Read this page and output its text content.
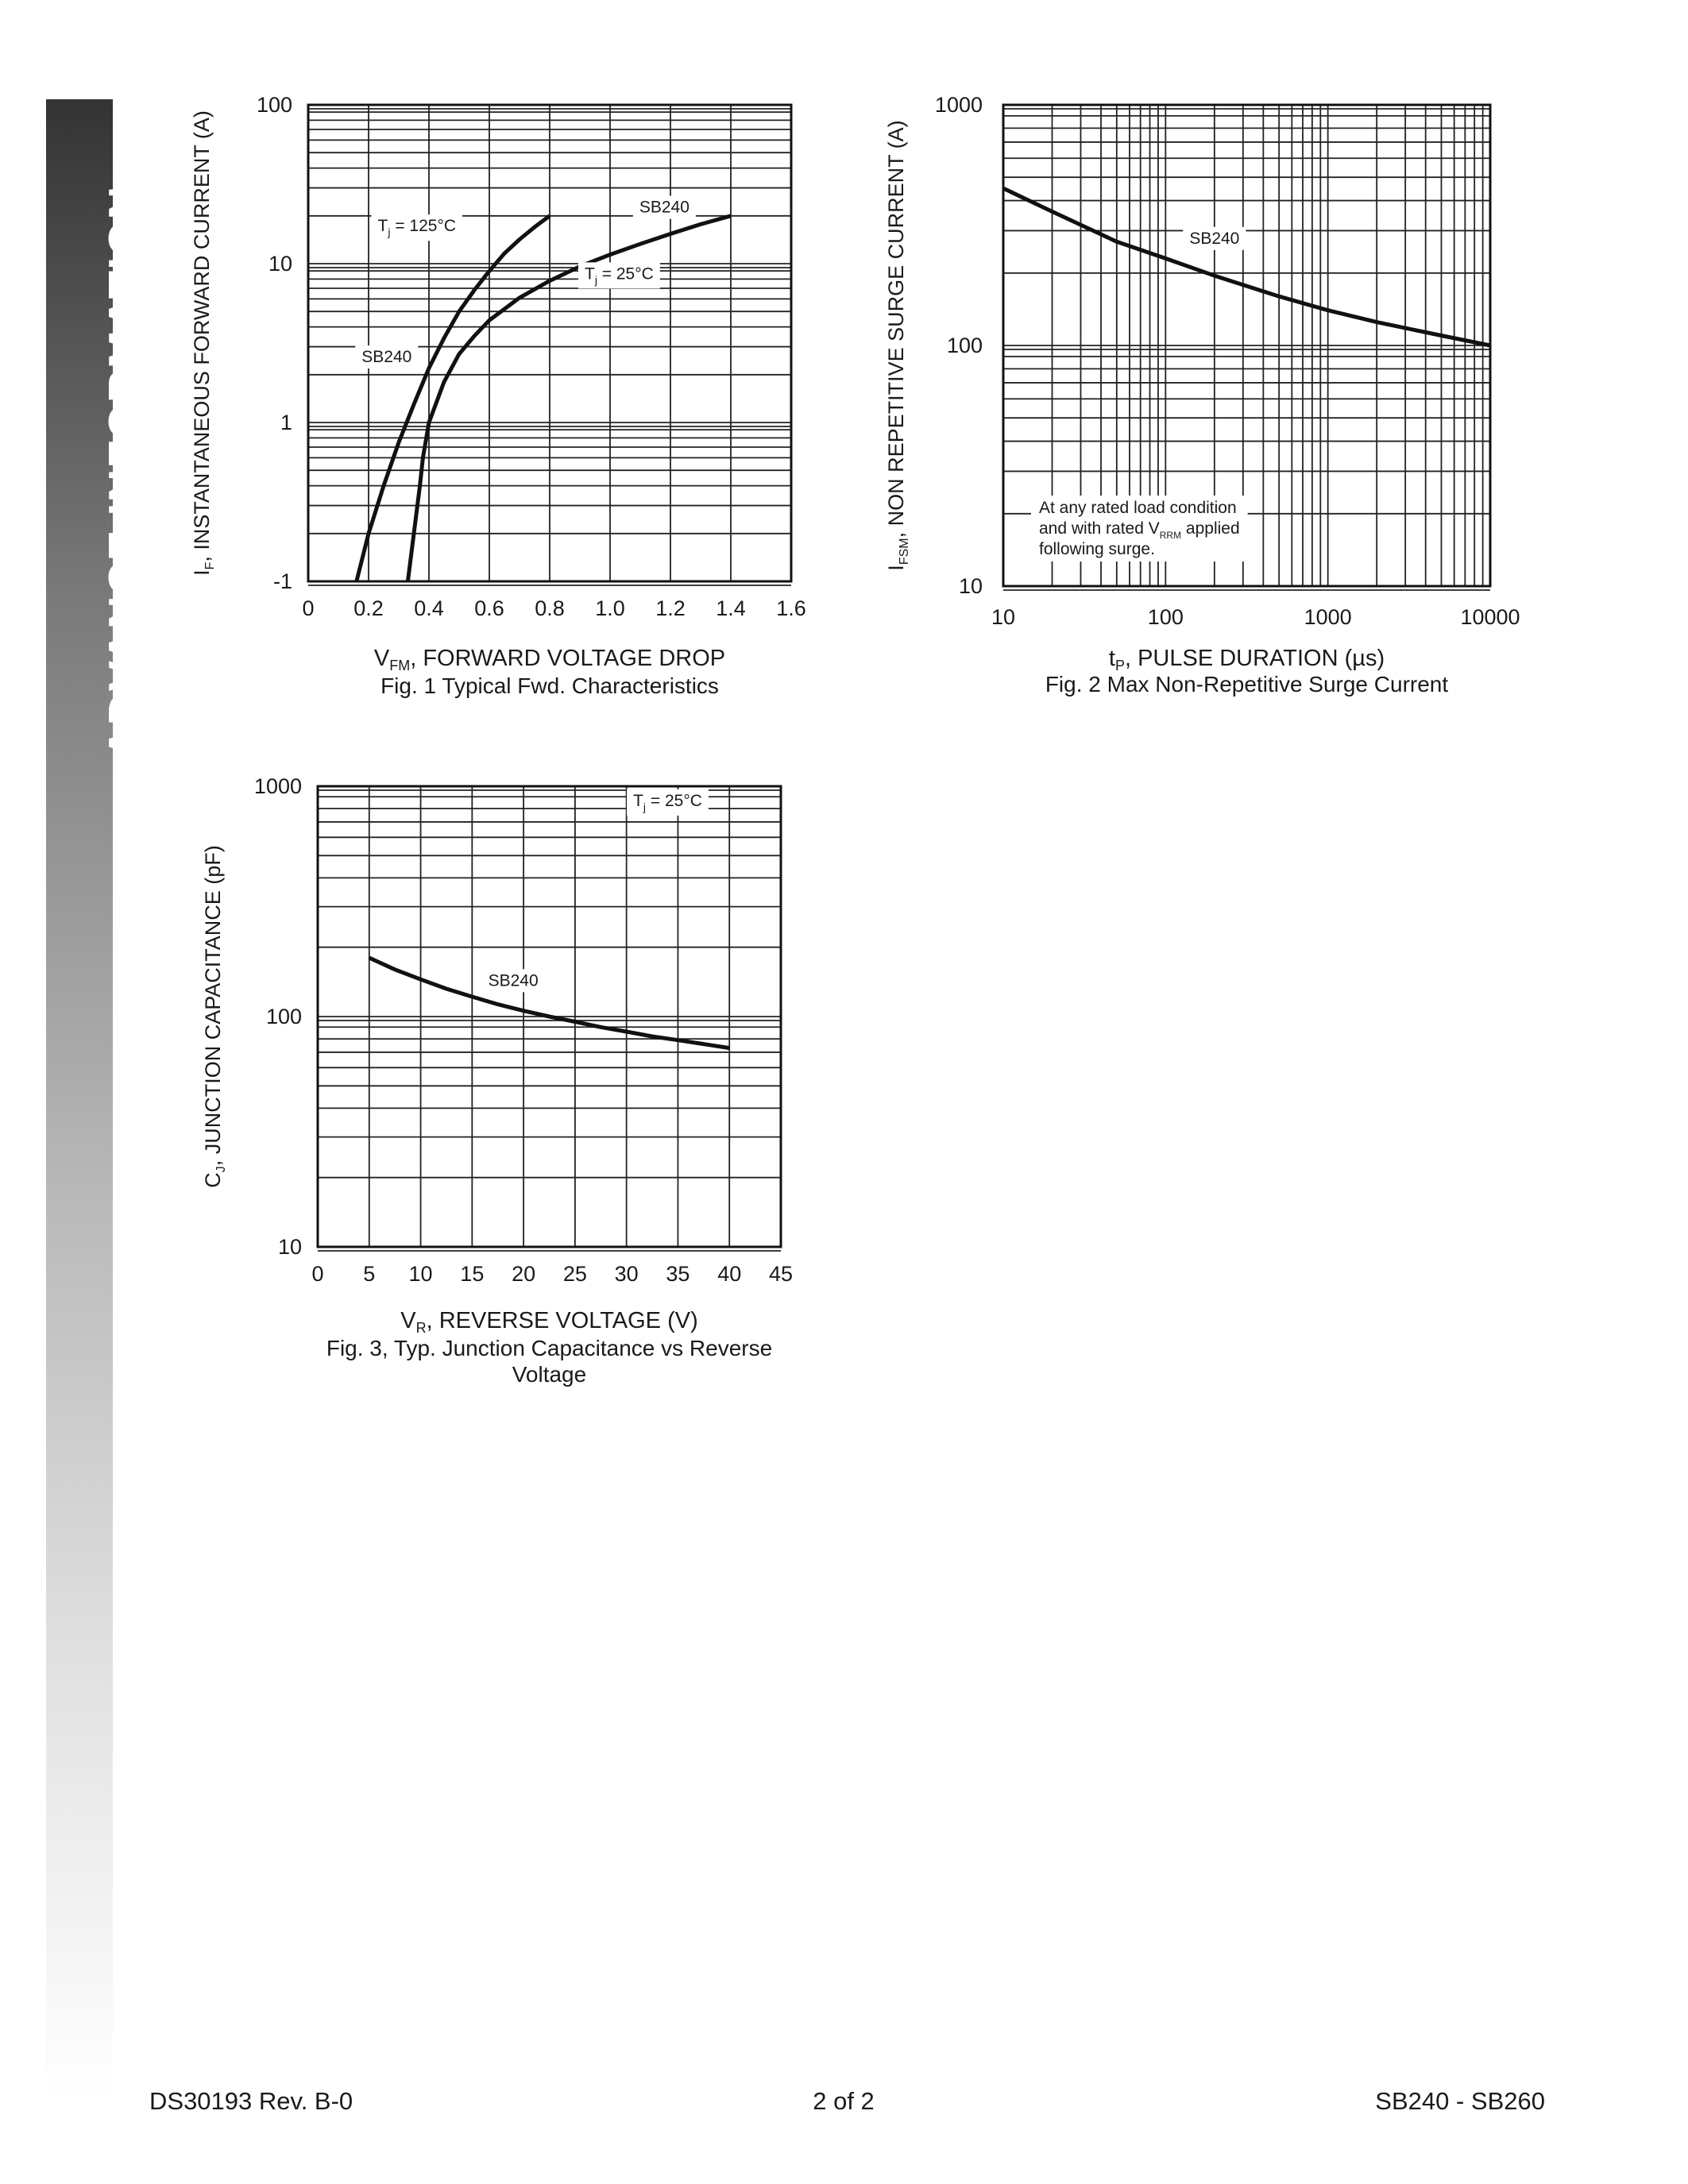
ADVANCE INFORMATION	0 0.2 0.4 0.6 0.8 1.0 1.2 1.4 1.6
-1
1
10
100
$T_j = 125^\circ C$
$T_j = 25^\circ C$
SB240
SB240
$V_{FM}$, FORWARD VOLTAGE DROP
$I_F$, INSTANTANEOUS FORWARD CURRENT (A)
Fig. 1 Typical Fwd. Characteristics
10	100	1000	10000
10
100
1000
SB240
At any rated load condition
and with rated $V_{RRM}$ applied
following surge.
$t_P$, PULSE DURATION (µs)
$I_{FSM}$, NON REPETITIVE SURGE CURRENT (A)
Fig. 2 Max Non-Repetitive Surge Current
0 5 10 15 20 25 30 35 40 45
10
100
1000
$T_j = 25^\circ C$
SB240
$V_R$, REVERSE VOLTAGE (V)
$C_J$, JUNCTION CAPACITANCE (pF)
Fig. 3, Typ. Junction Capacitance vs Reverse
Voltage
DS30193 Rev. B-0	2 of 2	SB240 - SB260
